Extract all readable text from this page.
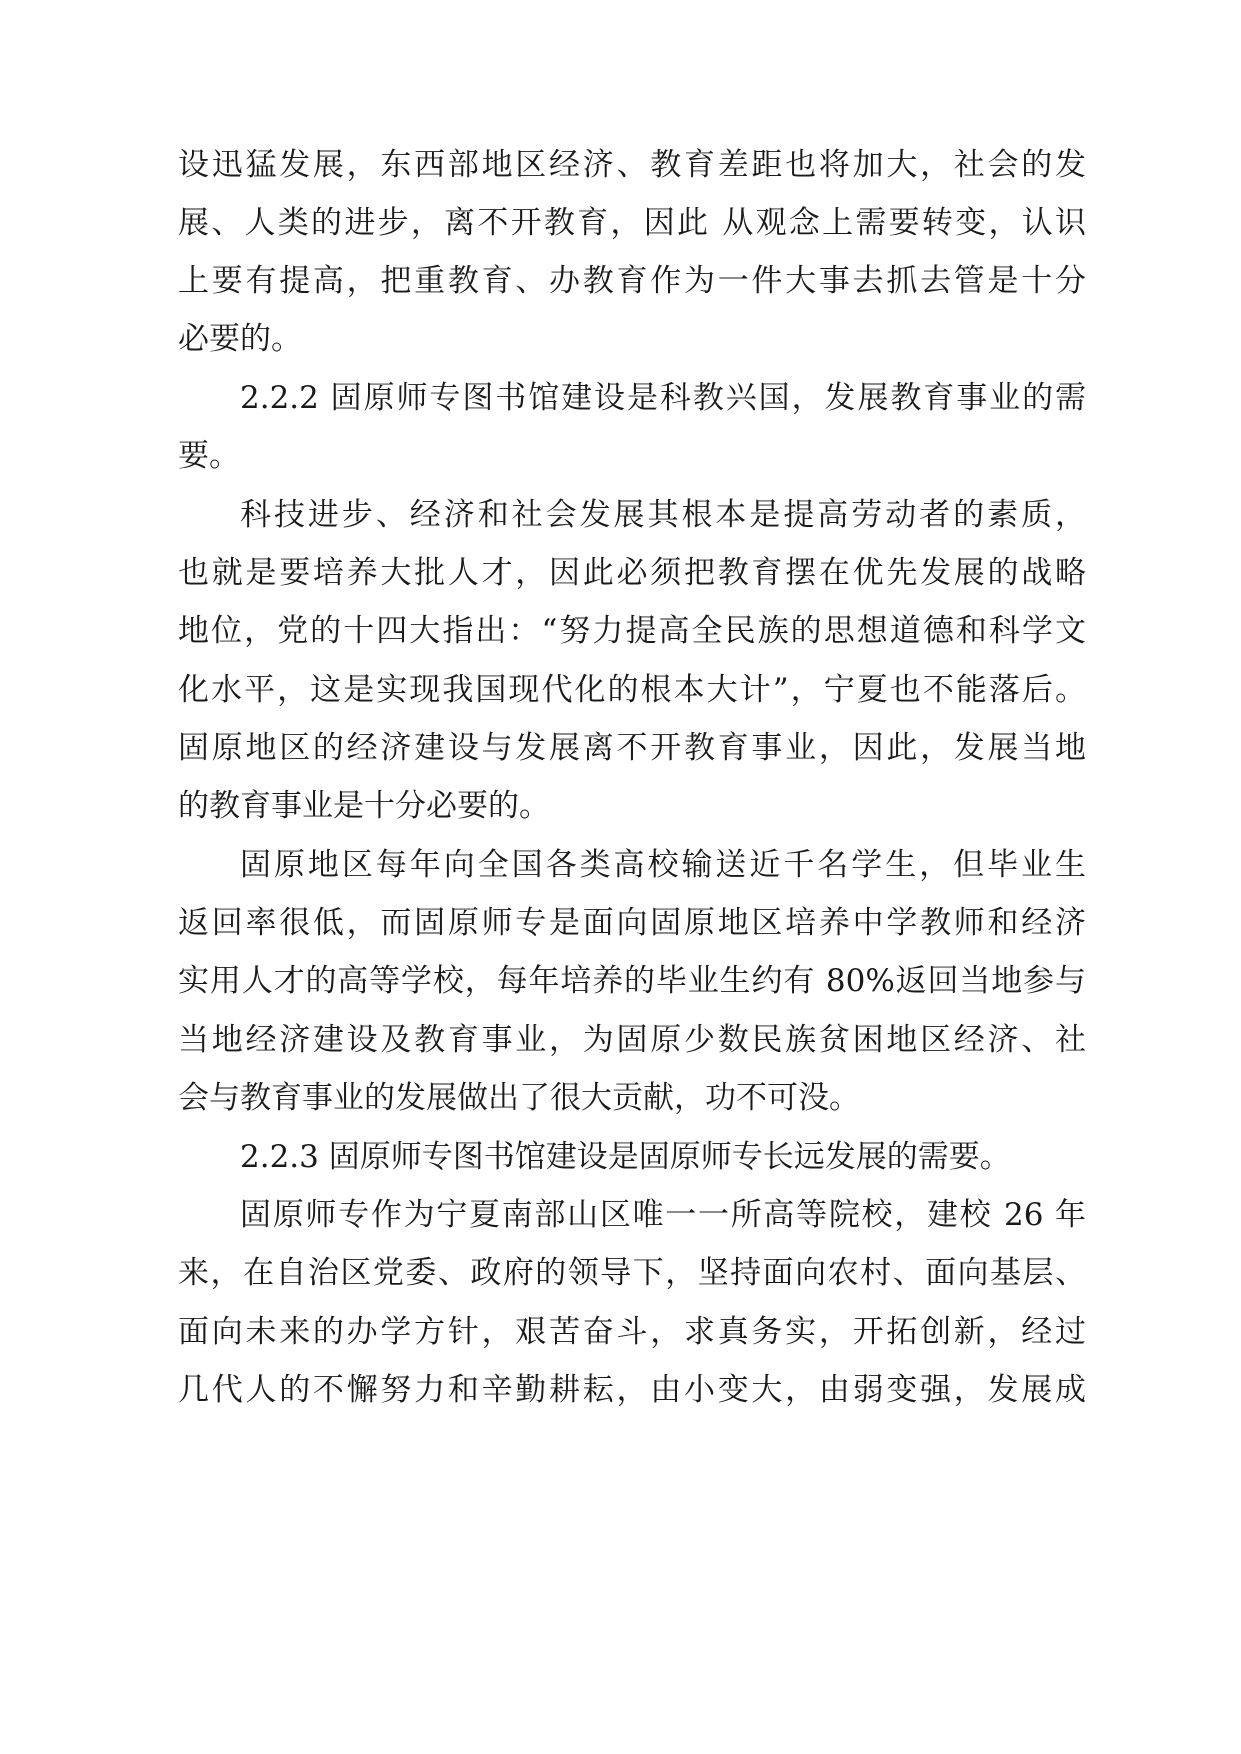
设迅猛发展，东西部地区经济、教育差距也将加大，社会的发

展、人类的进步，离不开教育，因此 从观念上需要转变，认识

上要有提高，把重教育、办教育作为一件大事去抓去管是十分

必要的。

2.2.2 固原师专图书馆建设是科教兴国，发展教育事业的需

要。

科技进步、经济和社会发展其根本是提高劳动者的素质，

也就是要培养大批人才，因此必须把教育摆在优先发展的战略

地位，党的十四大指出：“努力提高全民族的思想道德和科学文

化水平，这是实现我国现代化的根本大计”，宁夏也不能落后。

固原地区的经济建设与发展离不开教育事业，因此，发展当地

的教育事业是十分必要的。

固原地区每年向全国各类高校输送近千名学生，但毕业生

返回率很低，而固原师专是面向固原地区培养中学教师和经济

实用人才的高等学校，每年培养的毕业生约有 80%返回当地参与

当地经济建设及教育事业，为固原少数民族贫困地区经济、社

会与教育事业的发展做出了很大贡献，功不可没。

2.2.3 固原师专图书馆建设是固原师专长远发展的需要。

固原师专作为宁夏南部山区唯一一所高等院校，建校 26 年

来，在自治区党委、政府的领导下，坚持面向农村、面向基层、

面向未来的办学方针，艰苦奋斗，求真务实，开拓创新，经过

几代人的不懈努力和辛勤耕耘，由小变大，由弱变强，发展成
